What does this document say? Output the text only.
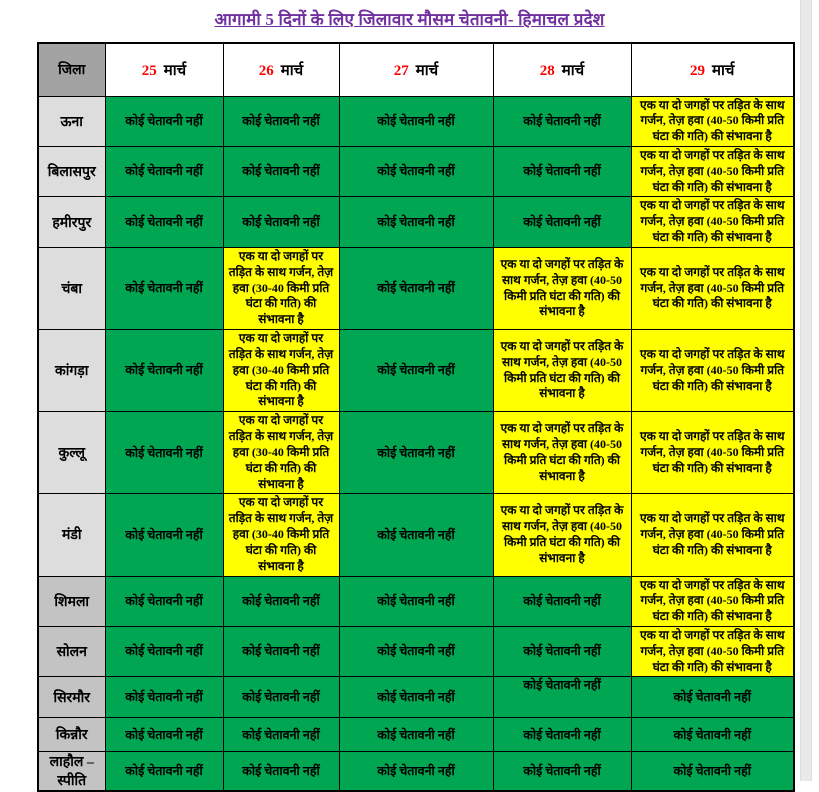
आगामी 5 दिनों के लिए जिलावार मौसम चेतावनी- हिमाचल प्रदेश
जिला	25 मार्च	26 मार्च	27 मार्च	28 मार्च	29 मार्च
ऊना	कोई चेतावनी नहीं	कोई चेतावनी नहीं	कोई चेतावनी नहीं	कोई चेतावनी नहीं	एक या दो जगहों पर तड़ित के साथ गर्जन, तेज़ हवा (40-50 किमी प्रति घंटा की गति) की संभावना है
बिलासपुर	कोई चेतावनी नहीं	कोई चेतावनी नहीं	कोई चेतावनी नहीं	कोई चेतावनी नहीं	एक या दो जगहों पर तड़ित के साथ गर्जन, तेज़ हवा (40-50 किमी प्रति घंटा की गति) की संभावना है
हमीरपुर	कोई चेतावनी नहीं	कोई चेतावनी नहीं	कोई चेतावनी नहीं	कोई चेतावनी नहीं	एक या दो जगहों पर तड़ित के साथ गर्जन, तेज़ हवा (40-50 किमी प्रति घंटा की गति) की संभावना है
चंबा	कोई चेतावनी नहीं	एक या दो जगहों पर तड़ित के साथ गर्जन, तेज़ हवा (30-40 किमी प्रति घंटा की गति) की संभावना है	कोई चेतावनी नहीं	एक या दो जगहों पर तड़ित के साथ गर्जन, तेज़ हवा (40-50 किमी प्रति घंटा की गति) की संभावना है	एक या दो जगहों पर तड़ित के साथ गर्जन, तेज़ हवा (40-50 किमी प्रति घंटा की गति) की संभावना है
कांगड़ा	कोई चेतावनी नहीं	एक या दो जगहों पर तड़ित के साथ गर्जन, तेज़ हवा (30-40 किमी प्रति घंटा की गति) की संभावना है	कोई चेतावनी नहीं	एक या दो जगहों पर तड़ित के साथ गर्जन, तेज़ हवा (40-50 किमी प्रति घंटा की गति) की संभावना है	एक या दो जगहों पर तड़ित के साथ गर्जन, तेज़ हवा (40-50 किमी प्रति घंटा की गति) की संभावना है
कुल्लू	कोई चेतावनी नहीं	एक या दो जगहों पर तड़ित के साथ गर्जन, तेज़ हवा (30-40 किमी प्रति घंटा की गति) की संभावना है	कोई चेतावनी नहीं	एक या दो जगहों पर तड़ित के साथ गर्जन, तेज़ हवा (40-50 किमी प्रति घंटा की गति) की संभावना है	एक या दो जगहों पर तड़ित के साथ गर्जन, तेज़ हवा (40-50 किमी प्रति घंटा की गति) की संभावना है
मंडी	कोई चेतावनी नहीं	एक या दो जगहों पर तड़ित के साथ गर्जन, तेज़ हवा (30-40 किमी प्रति घंटा की गति) की संभावना है	कोई चेतावनी नहीं	एक या दो जगहों पर तड़ित के साथ गर्जन, तेज़ हवा (40-50 किमी प्रति घंटा की गति) की संभावना है	एक या दो जगहों पर तड़ित के साथ गर्जन, तेज़ हवा (40-50 किमी प्रति घंटा की गति) की संभावना है
शिमला	कोई चेतावनी नहीं	कोई चेतावनी नहीं	कोई चेतावनी नहीं	कोई चेतावनी नहीं	एक या दो जगहों पर तड़ित के साथ गर्जन, तेज़ हवा (40-50 किमी प्रति घंटा की गति) की संभावना है
सोलन	कोई चेतावनी नहीं	कोई चेतावनी नहीं	कोई चेतावनी नहीं	कोई चेतावनी नहीं	एक या दो जगहों पर तड़ित के साथ गर्जन, तेज़ हवा (40-50 किमी प्रति घंटा की गति) की संभावना है
सिरमौर	कोई चेतावनी नहीं	कोई चेतावनी नहीं	कोई चेतावनी नहीं	कोई चेतावनी नहीं	कोई चेतावनी नहीं
किन्नौर	कोई चेतावनी नहीं	कोई चेतावनी नहीं	कोई चेतावनी नहीं	कोई चेतावनी नहीं	कोई चेतावनी नहीं
लाहौल – स्पीति	कोई चेतावनी नहीं	कोई चेतावनी नहीं	कोई चेतावनी नहीं	कोई चेतावनी नहीं	कोई चेतावनी नहीं
